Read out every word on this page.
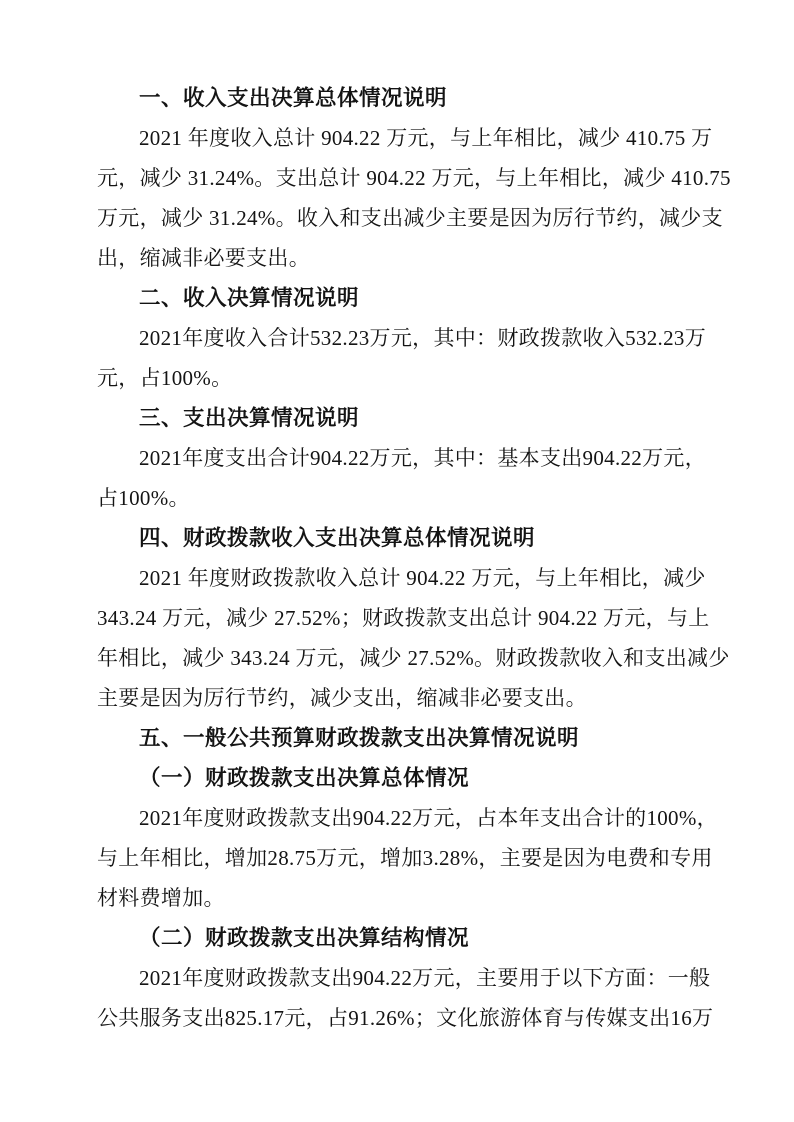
一、收入支出决算总体情况说明
2021 年度收入总计 904.22 万元，与上年相比，减少 410.75 万
元，减少 31.24%。支出总计 904.22 万元，与上年相比，减少 410.75
万元，减少 31.24%。收入和支出减少主要是因为厉行节约，减少支
出，缩减非必要支出。
二、收入决算情况说明
2021年度收入合计532.23万元，其中：财政拨款收入532.23万
元，占100%。
三、支出决算情况说明
2021年度支出合计904.22万元，其中：基本支出904.22万元，
占100%。
四、财政拨款收入支出决算总体情况说明
2021 年度财政拨款收入总计 904.22 万元，与上年相比，减少
343.24 万元，减少 27.52%；财政拨款支出总计 904.22 万元，与上
年相比，减少 343.24 万元，减少 27.52%。财政拨款收入和支出减少
主要是因为厉行节约，减少支出，缩减非必要支出。
五、一般公共预算财政拨款支出决算情况说明
（一）财政拨款支出决算总体情况
2021年度财政拨款支出904.22万元，占本年支出合计的100%，
与上年相比，增加28.75万元，增加3.28%，主要是因为电费和专用
材料费增加。
（二）财政拨款支出决算结构情况
2021年度财政拨款支出904.22万元，主要用于以下方面：一般
公共服务支出825.17元，占91.26%；文化旅游体育与传媒支出16万
